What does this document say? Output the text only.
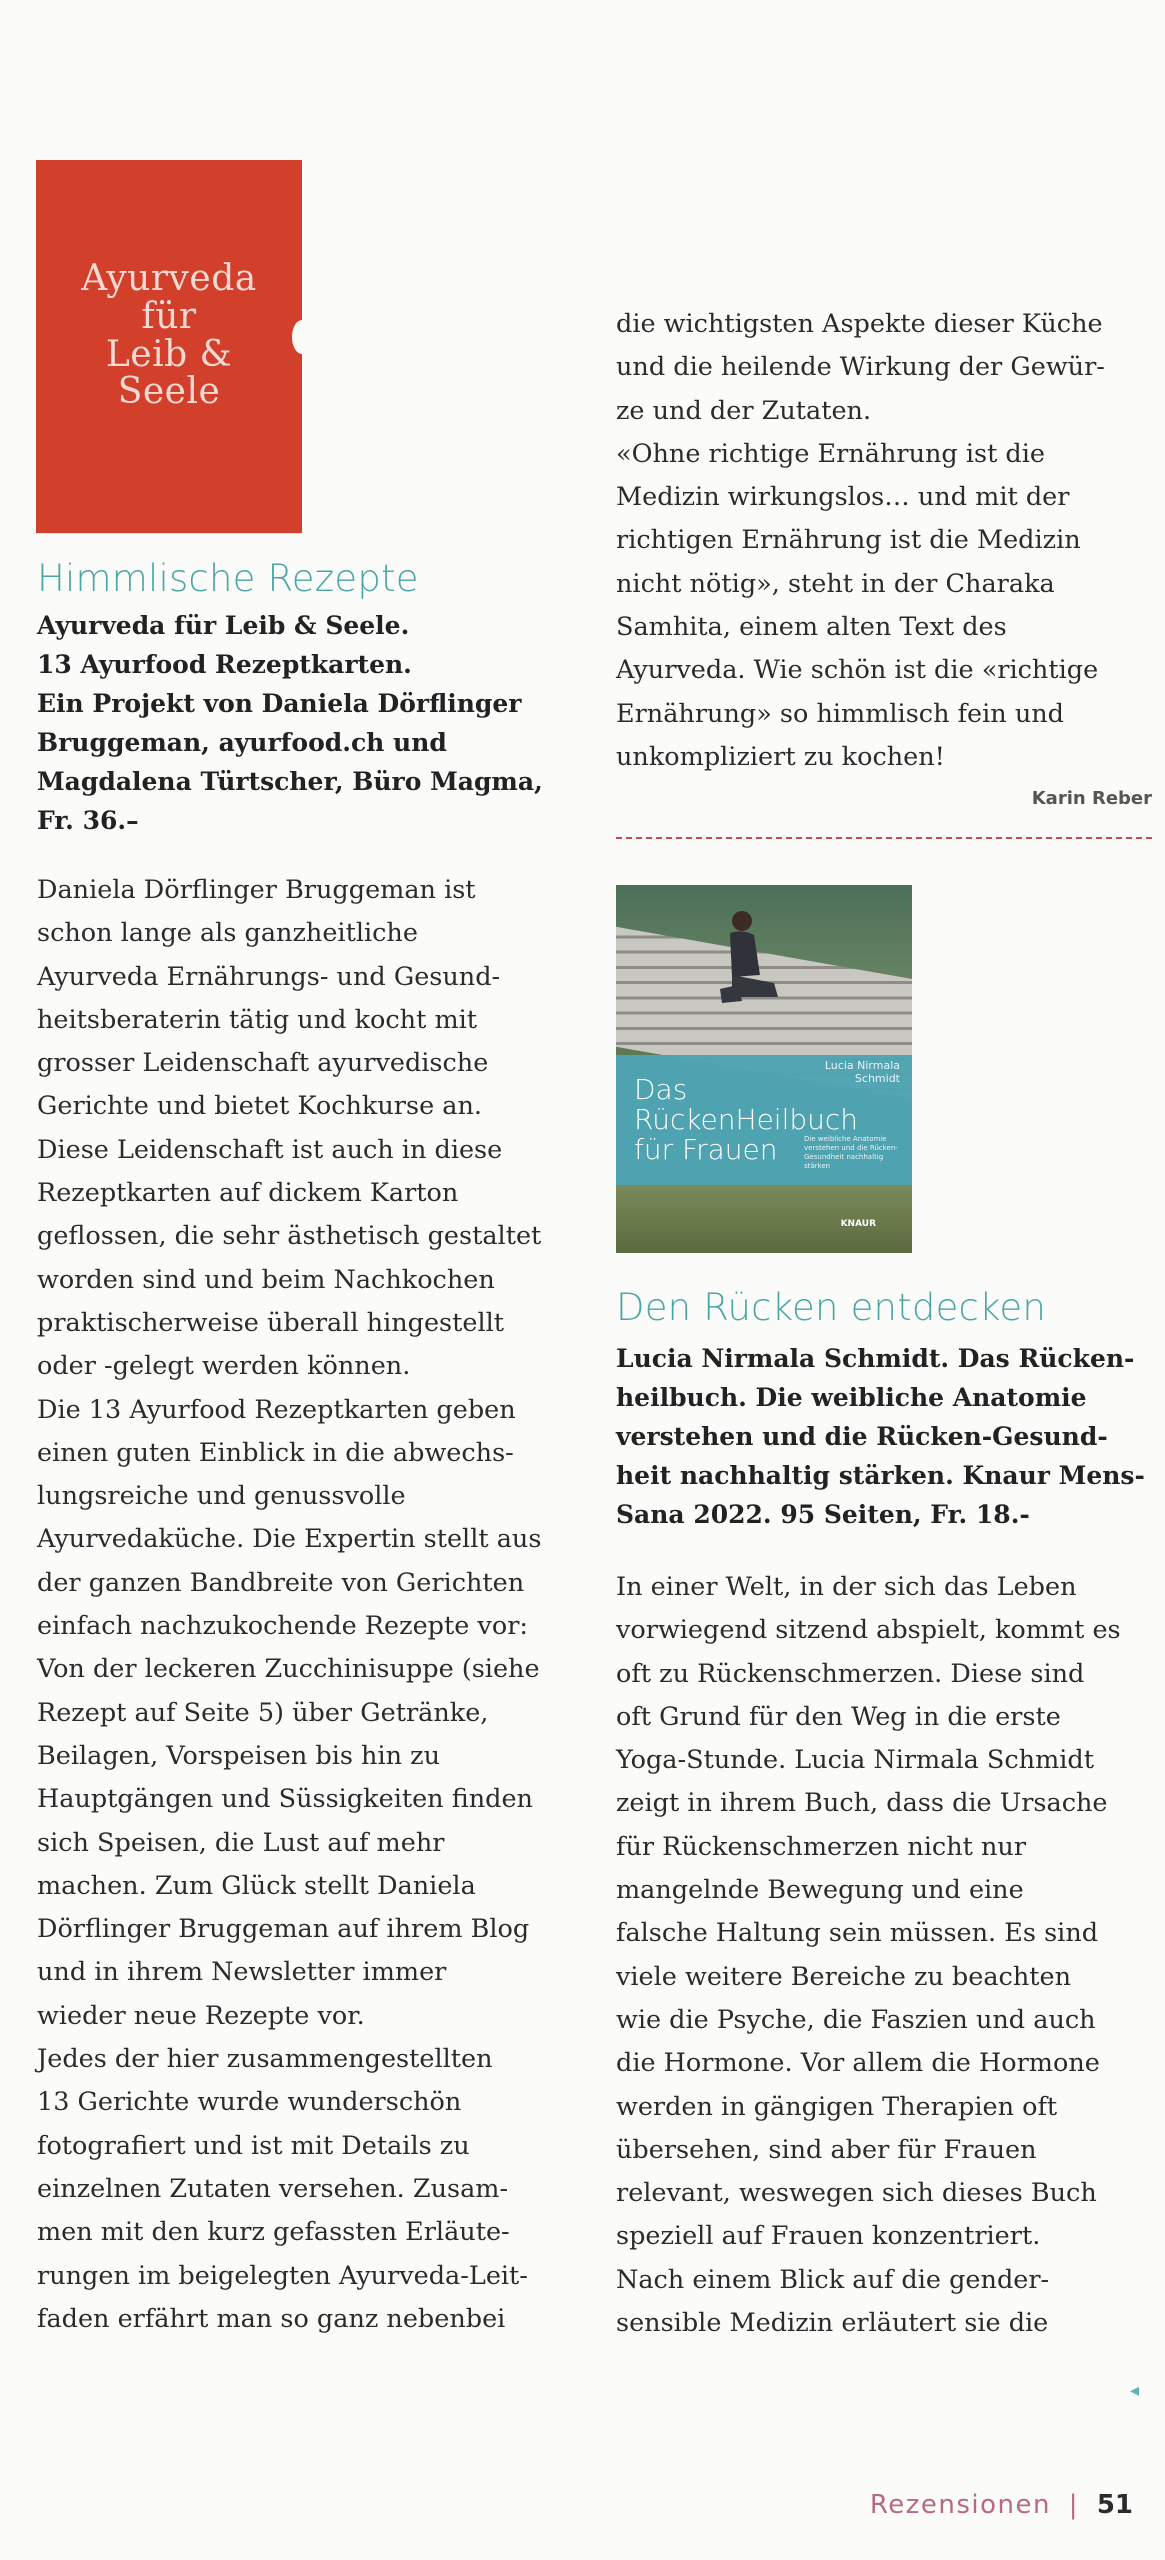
Ayurveda
für
Leib &
Seele
Himmlische Rezepte
Ayurveda für Leib & Seele.
13 Ayurfood Rezeptkarten.
Ein Projekt von Daniela Dörflinger
Bruggeman, ayurfood.ch und
Magdalena Türtscher, Büro Magma,
Fr. 36.–
Daniela Dörflinger Bruggeman ist
schon lange als ganzheitliche
Ayurveda Ernährungs- und Gesund-
heitsberaterin tätig und kocht mit
grosser Leidenschaft ayurvedische
Gerichte und bietet Kochkurse an.
Diese Leidenschaft ist auch in diese
Rezeptkarten auf dickem Karton
geflossen, die sehr ästhetisch gestaltet
worden sind und beim Nachkochen
praktischerweise überall hingestellt
oder -gelegt werden können.
Die 13 Ayurfood Rezeptkarten geben
einen guten Einblick in die abwechs-
lungsreiche und genussvolle
Ayurvedaküche. Die Expertin stellt aus
der ganzen Bandbreite von Gerichten
einfach nachzukochende Rezepte vor:
Von der leckeren Zucchinisuppe (siehe
Rezept auf Seite 5) über Getränke,
Beilagen, Vorspeisen bis hin zu
Hauptgängen und Süssigkeiten finden
sich Speisen, die Lust auf mehr
machen. Zum Glück stellt Daniela
Dörflinger Bruggeman auf ihrem Blog
und in ihrem Newsletter immer
wieder neue Rezepte vor.
Jedes der hier zusammengestellten
13 Gerichte wurde wunderschön
fotografiert und ist mit Details zu
einzelnen Zutaten versehen. Zusam-
men mit den kurz gefassten Erläute-
rungen im beigelegten Ayurveda-Leit-
faden erfährt man so ganz nebenbei
die wichtigsten Aspekte dieser Küche
und die heilende Wirkung der Gewür-
ze und der Zutaten.
«Ohne richtige Ernährung ist die
Medizin wirkungslos… und mit der
richtigen Ernährung ist die Medizin
nicht nötig», steht in der Charaka
Samhita, einem alten Text des
Ayurveda. Wie schön ist die «richtige
Ernährung» so himmlisch fein und
unkompliziert zu kochen!
Karin Reber
Lucia Nirmala
Schmidt
Das
RückenHeilbuch
für Frauen	Die weibliche Anatomie verstehen und die Rücken-Gesundheit nachhaltig stärken
KNAUR
Den Rücken entdecken
Lucia Nirmala Schmidt. Das Rücken-
heilbuch. Die weibliche Anatomie
verstehen und die Rücken-Gesund-
heit nachhaltig stärken. Knaur Mens-
Sana 2022. 95 Seiten, Fr. 18.-
In einer Welt, in der sich das Leben
vorwiegend sitzend abspielt, kommt es
oft zu Rückenschmerzen. Diese sind
oft Grund für den Weg in die erste
Yoga-Stunde. Lucia Nirmala Schmidt
zeigt in ihrem Buch, dass die Ursache
für Rückenschmerzen nicht nur
mangelnde Bewegung und eine
falsche Haltung sein müssen. Es sind
viele weitere Bereiche zu beachten
wie die Psyche, die Faszien und auch
die Hormone. Vor allem die Hormone
werden in gängigen Therapien oft
übersehen, sind aber für Frauen
relevant, weswegen sich dieses Buch
speziell auf Frauen konzentriert.
Nach einem Blick auf die gender-
sensible Medizin erläutert sie die
◂
Rezensionen | 51
